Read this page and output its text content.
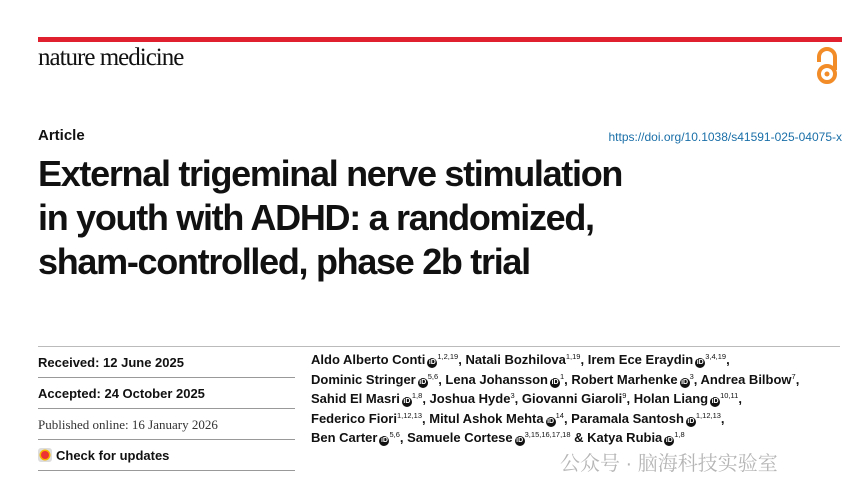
nature medicine
Article	https://doi.org/10.1038/s41591-025-04075-x
External trigeminal nerve stimulation
in youth with ADHD: a randomized,
sham-controlled, phase 2b trial
Received: 12 June 2025
Accepted: 24 October 2025
Published online: 16 January 2026
Check for updates
Aldo Alberto Conti iD$^{1,2,19}$, Natali Bozhilova$^{1,19}$, Irem Ece Eraydin iD$^{3,4,19}$,
Dominic Stringer iD$^{5,6}$, Lena Johansson $iD^1$, Robert Marhenke $iD^3$, Andrea Bilbow$^7$,
Sahid El Masri iD$^{1,8}$, Joshua Hyde$^3$, Giovanni Giaroli$^9$, Holan Liang iD$^{10,11}$,
Federico Fiori$^{1,12,13}$, Mitul Ashok Mehta $iD^{14}$, Paramala Santosh iD$^{1,12,13}$,
Ben Carter iD$^{5,6}$, Samuele Cortese iD$^{3,15,16,17,18}$ & Katya Rubia iD$^{1,8}$
公众号 · 脑海科技实验室
